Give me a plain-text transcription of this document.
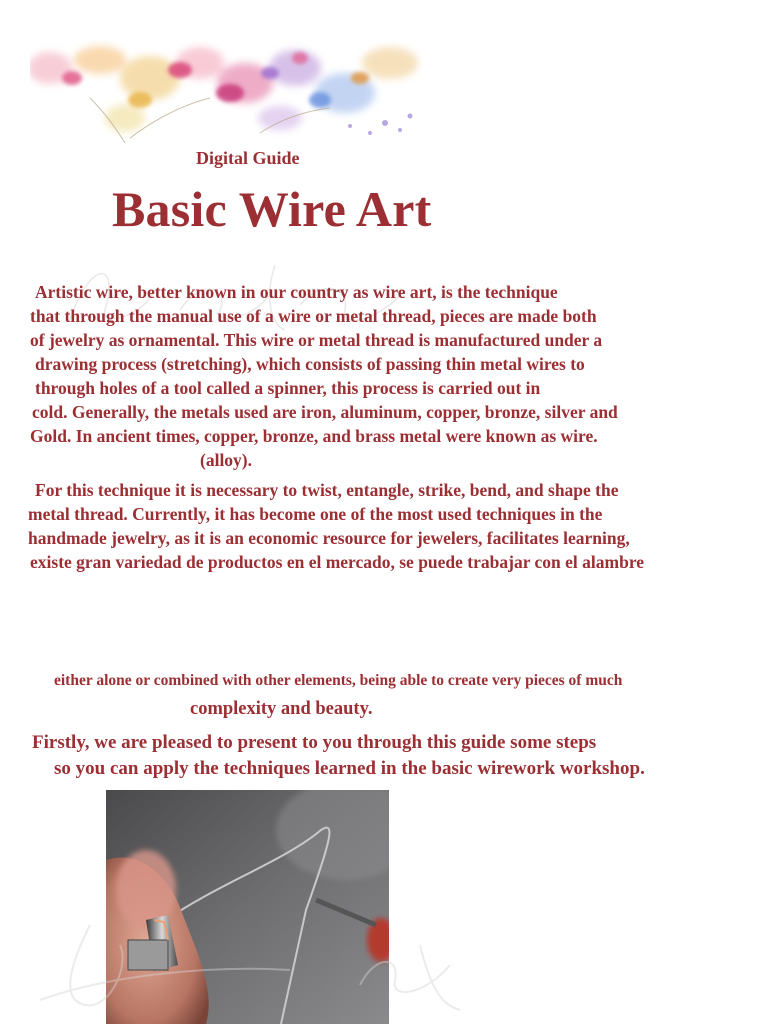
Digital Guide
Basic Wire Art
Artistic wire, better known in our country as wire art, is the technique
that through the manual use of a wire or metal thread, pieces are made both
of jewelry as ornamental. This wire or metal thread is manufactured under a
drawing process (stretching), which consists of passing thin metal wires to
through holes of a tool called a spinner, this process is carried out in
cold. Generally, the metals used are iron, aluminum, copper, bronze, silver and
Gold. In ancient times, copper, bronze, and brass metal were known as wire.
(alloy).
For this technique it is necessary to twist, entangle, strike, bend, and shape the
metal thread. Currently, it has become one of the most used techniques in the
handmade jewelry, as it is an economic resource for jewelers, facilitates learning,
existe gran variedad de productos en el mercado, se puede trabajar con el alambre
either alone or combined with other elements, being able to create very pieces of much
complexity and beauty.
Firstly, we are pleased to present to you through this guide some steps
so you can apply the techniques learned in the basic wirework workshop.
